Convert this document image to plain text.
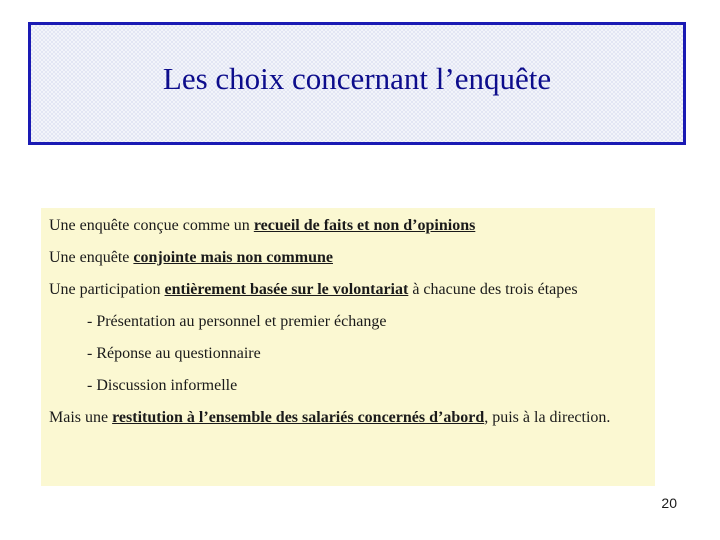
Les choix concernant l’enquête

Une enquête conçue comme un recueil de faits et non d’opinions

Une enquête conjointe mais non commune

Une participation entièrement basée sur le volontariat à chacune des trois étapes

- Présentation au personnel et premier échange

- Réponse au questionnaire

- Discussion informelle

Mais une restitution à l’ensemble des salariés concernés d’abord, puis à la direction.

20
